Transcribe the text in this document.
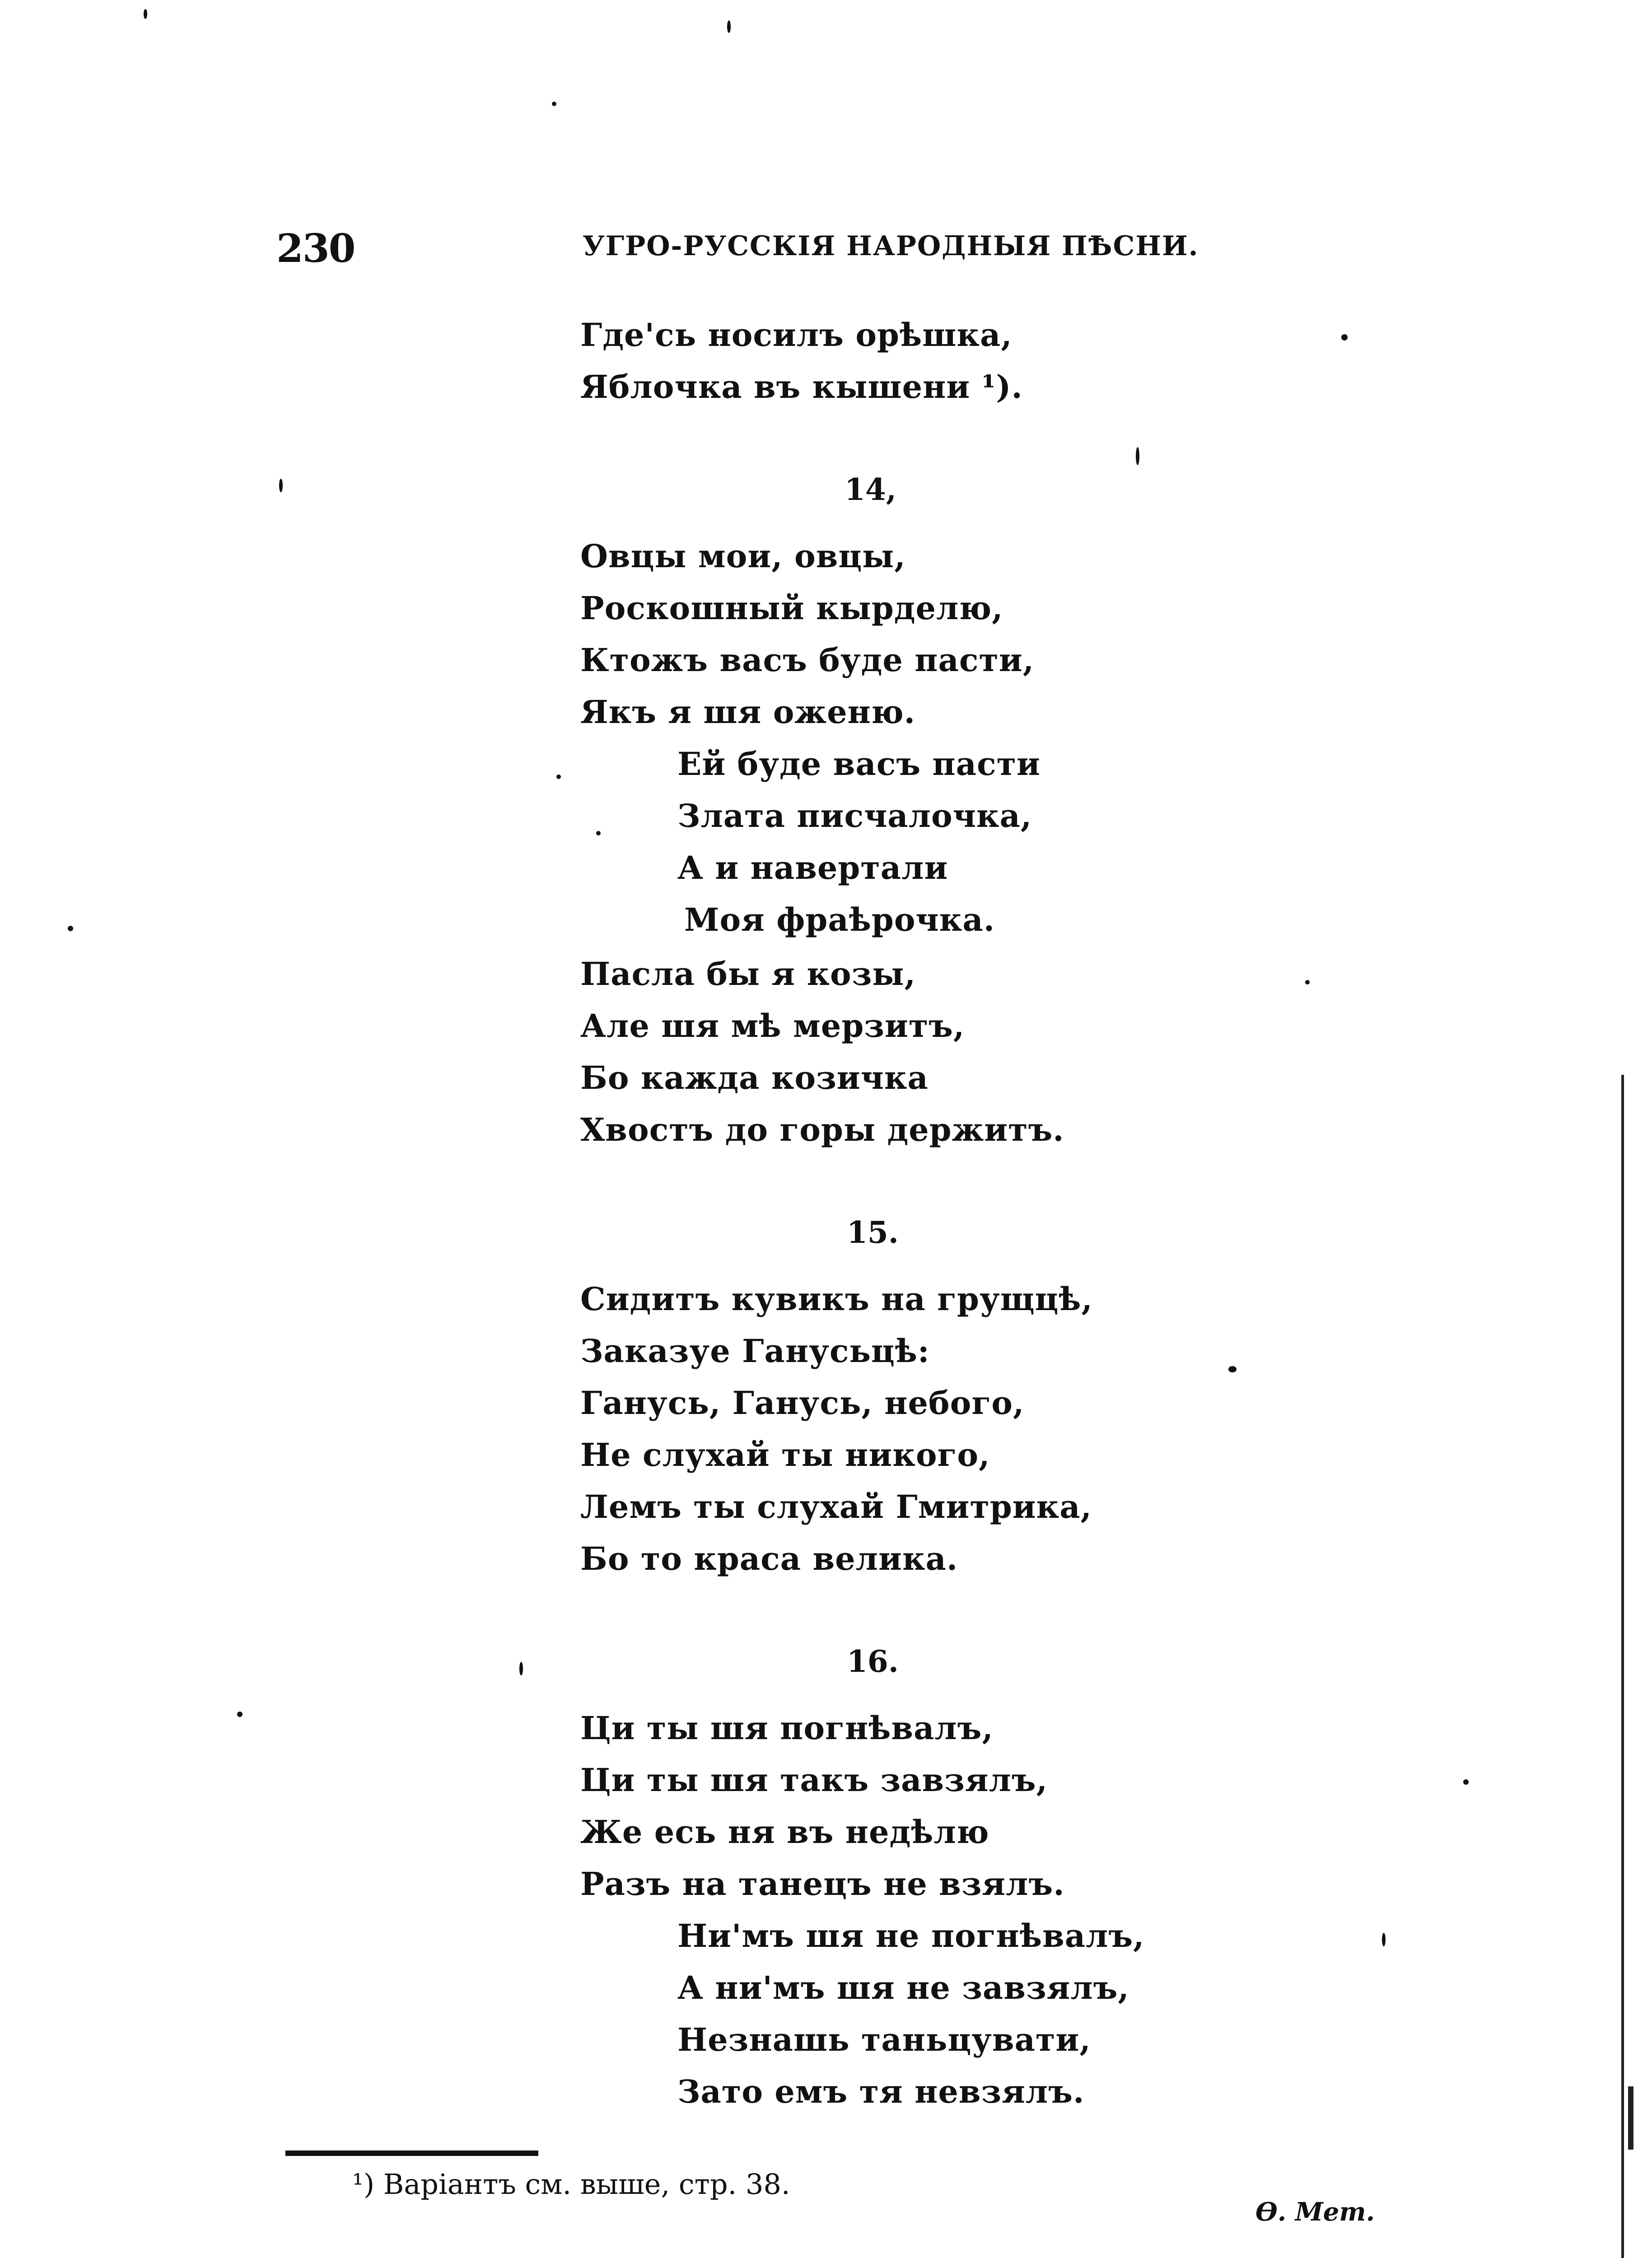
230	УГРО-РУССКІЯ НАРОДНЫЯ ПѢСНИ.
Где'сь носилъ орѣшка,
Яблочка въ кышени ¹).
14,
Овцы мои, овцы,
Роскошный кырделю,
Ктожъ васъ буде пасти,
Якъ я шя оженю.
Ей буде васъ пасти
Злата писчалочка,
А и навертали
Моя фраѣрочка.
Пасла бы я козы,
Але шя мѣ мерзитъ,
Бо кажда козичка
Хвостъ до горы держитъ.
15.
Сидитъ кувикъ на грущцѣ,
Заказуе Ганусьцѣ:
Ганусь, Ганусь, небого,
Не слухай ты никого,
Лемъ ты слухай Гмитрика,
Бо то краса велика.
16.
Ци ты шя погнѣвалъ,
Ци ты шя такъ завзялъ,
Же есь ня въ недѣлю
Разъ на танецъ не взялъ.
Ни'мъ шя не погнѣвалъ,
А ни'мъ шя не завзялъ,
Незнашь таньцувати,
Зато емъ тя невзялъ.
¹) Варіантъ см. выше, стр. 38.
Ѳ. Мет.
